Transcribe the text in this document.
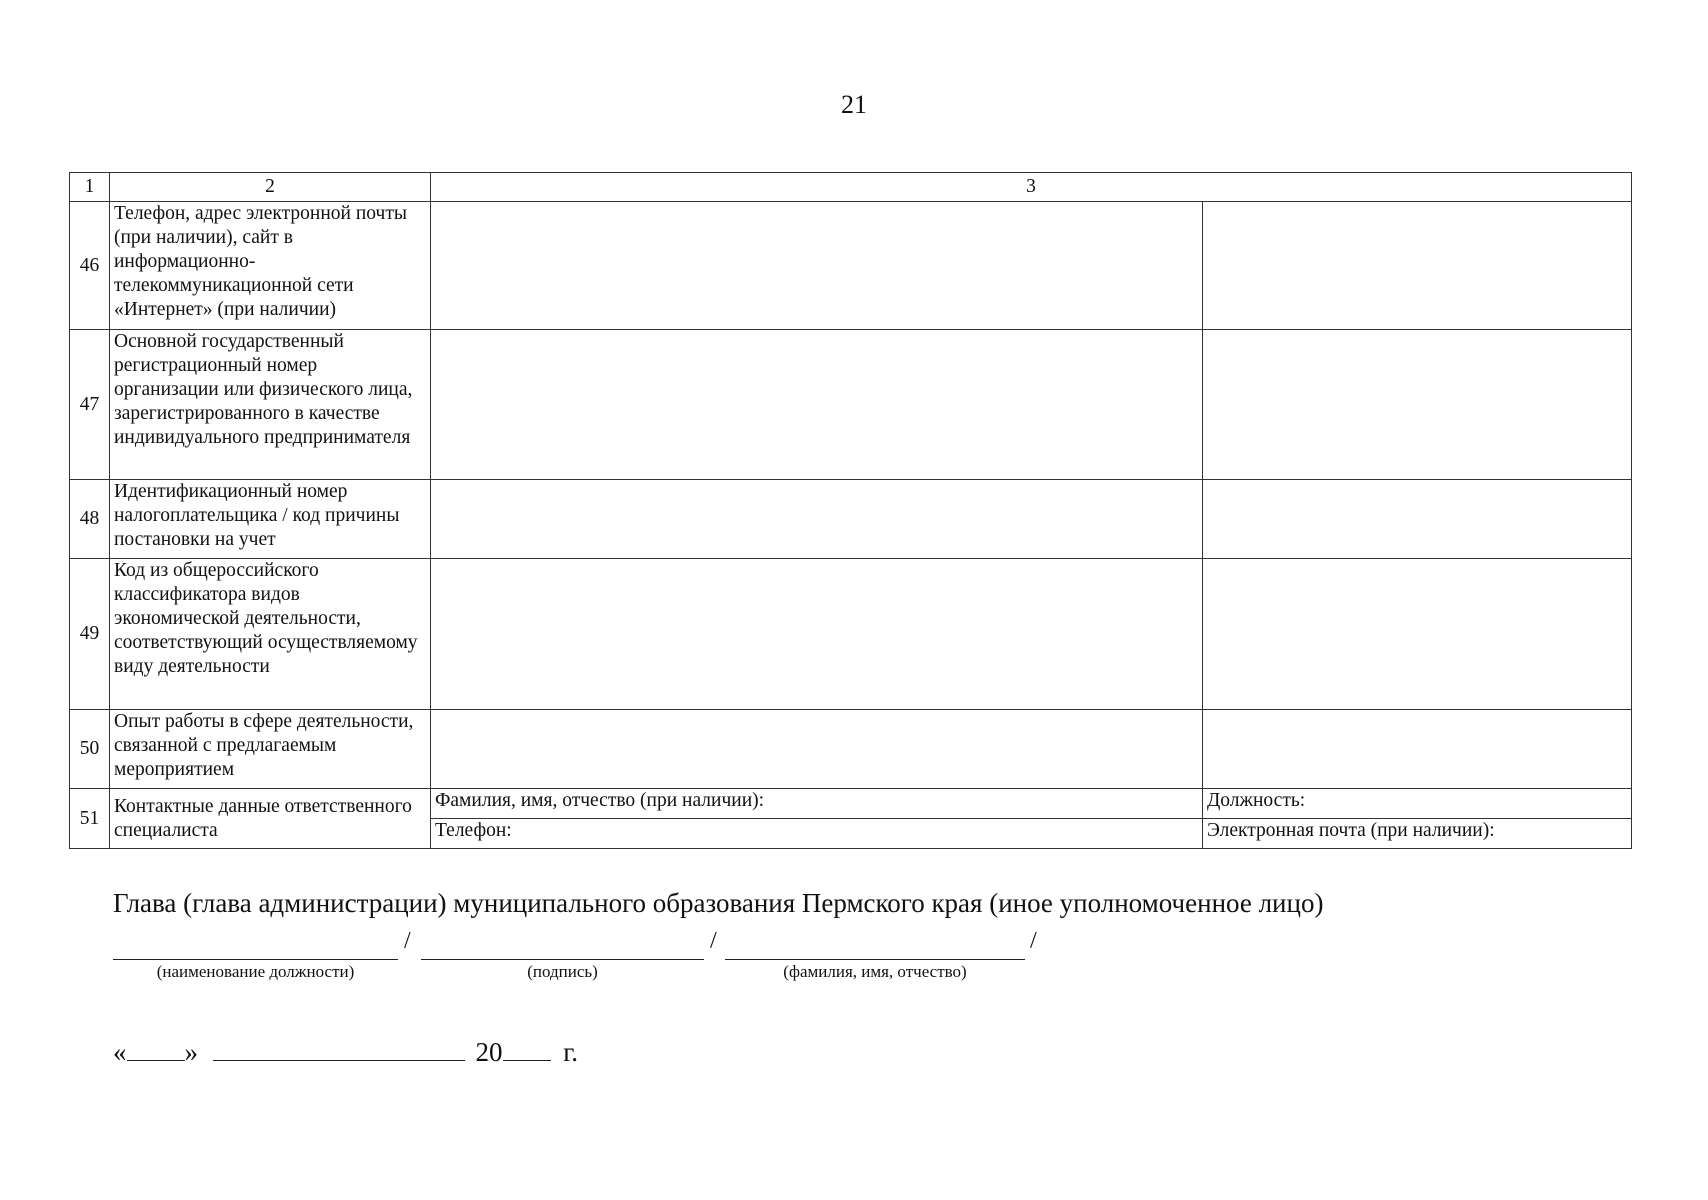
21
1	2	3	
46	Телефон, адрес электронной почты (при наличии), сайт в информационно-телекоммуникационной сети «Интернет» (при наличии)		
47	Основной государственный регистрационный номер организации или физического лица, зарегистрированного в качестве индивидуального предпринимателя		
48	Идентификационный номер налогоплательщика / код причины постановки на учет		
49	Код из общероссийского классификатора видов экономической деятельности, соответствующий осуществляемому виду деятельности		
50	Опыт работы в сфере деятельности, связанной с предлагаемым мероприятием		
51	Контактные данные ответственного специалиста	Фамилия, имя, отчество (при наличии):	Должность:
		Телефон:	Электронная почта (при наличии):
Глава (глава администрации) муниципального образования Пермского края (иное уполномоченное лицо)
/	/	/
(наименование должности)	(подпись)	(фамилия, имя, отчество)
« »	20 г.
